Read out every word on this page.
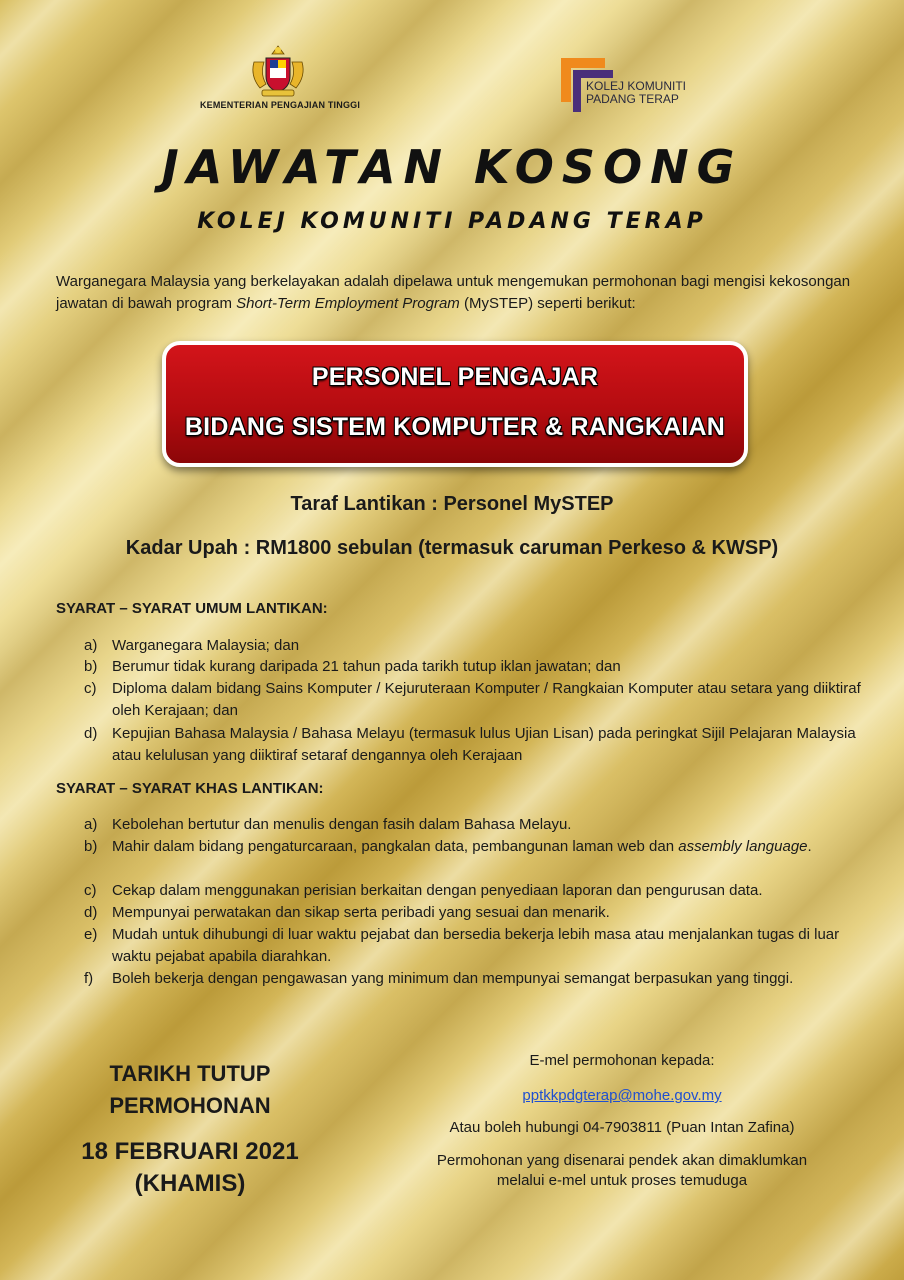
KEMENTERIAN PENGAJIAN TINGGI
KOLEJ KOMUNITI
PADANG TERAP
JAWATAN KOSONG
KOLEJ KOMUNITI PADANG TERAP
Warganegara Malaysia yang berkelayakan adalah dipelawa untuk mengemukan permohonan bagi mengisi kekosongan jawatan di bawah program Short-Term Employment Program (MySTEP) seperti berikut:
PERSONEL PENGAJAR
BIDANG SISTEM KOMPUTER & RANGKAIAN
Taraf Lantikan : Personel MySTEP
Kadar Upah : RM1800 sebulan (termasuk caruman Perkeso & KWSP)
SYARAT – SYARAT UMUM LANTIKAN:
a) Warganegara Malaysia; dan
b) Berumur tidak kurang daripada 21 tahun pada tarikh tutup iklan jawatan; dan
c) Diploma dalam bidang Sains Komputer / Kejuruteraan Komputer / Rangkaian Komputer atau setara yang diiktiraf oleh Kerajaan; dan
d) Kepujian Bahasa Malaysia / Bahasa Melayu (termasuk lulus Ujian Lisan) pada peringkat Sijil Pelajaran Malaysia atau kelulusan yang diiktiraf setaraf dengannya oleh Kerajaan
SYARAT – SYARAT KHAS LANTIKAN:
a) Kebolehan bertutur dan menulis dengan fasih dalam Bahasa Melayu.
b) Mahir dalam bidang pengaturcaraan, pangkalan data, pembangunan laman web dan assembly language.
c) Cekap dalam menggunakan perisian berkaitan dengan penyediaan laporan dan pengurusan data.
d) Mempunyai perwatakan dan sikap serta peribadi yang sesuai dan menarik.
e) Mudah untuk dihubungi di luar waktu pejabat dan bersedia bekerja lebih masa atau menjalankan tugas di luar waktu pejabat apabila diarahkan.
f) Boleh bekerja dengan pengawasan yang minimum dan mempunyai semangat berpasukan yang tinggi.
TARIKH TUTUP
PERMOHONAN
18 FEBRUARI 2021
(KHAMIS)
E-mel permohonan kepada:
pptkkpdgterap@mohe.gov.my
Atau boleh hubungi 04-7903811 (Puan Intan Zafina)
Permohonan yang disenarai pendek akan dimaklumkan
melalui e-mel untuk proses temuduga
